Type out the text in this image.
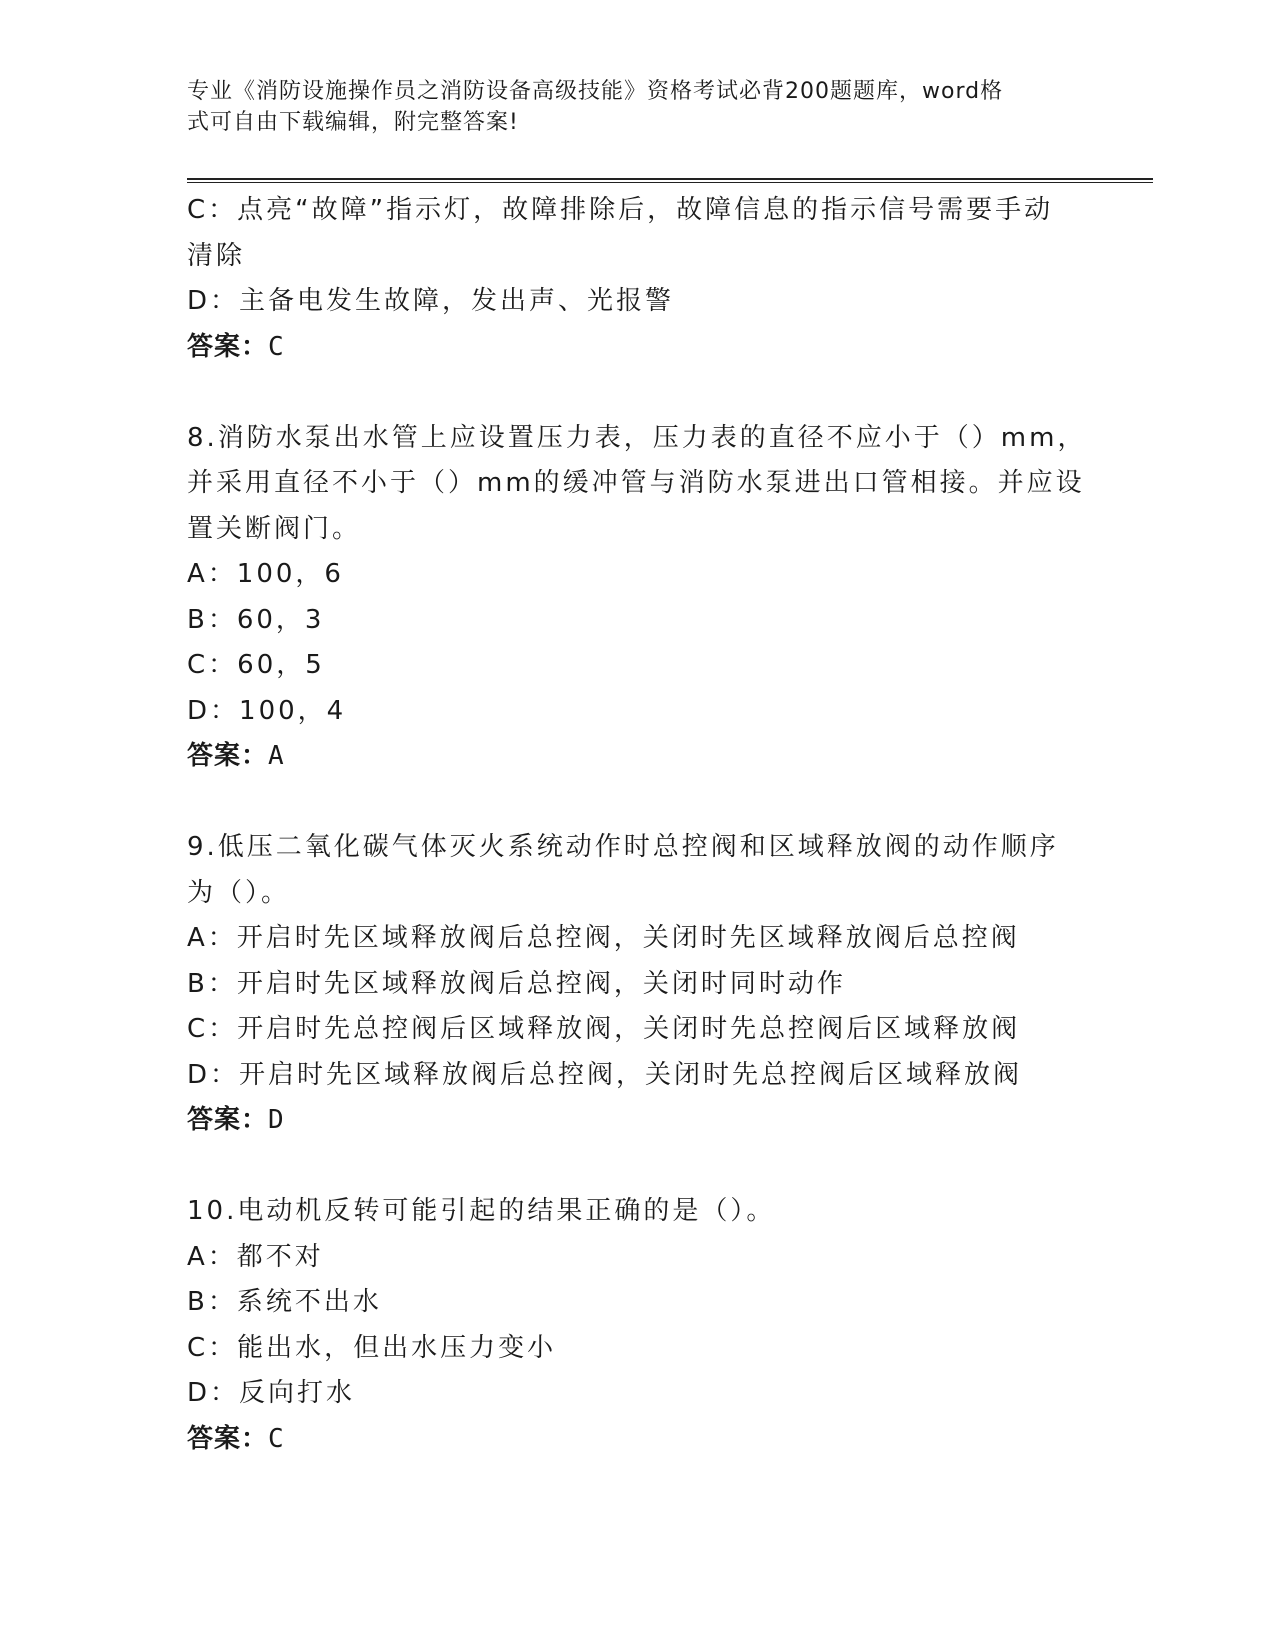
专业《消防设施操作员之消防设备高级技能》资格考试必背200题题库，word格
式可自由下载编辑，附完整答案!
C：点亮“故障”指示灯，故障排除后，故障信息的指示信号需要手动
清除
D：主备电发生故障，发出声、光报警
答案：C
8.消防水泵出水管上应设置压力表，压力表的直径不应小于（）mm，
并采用直径不小于（）mm的缓冲管与消防水泵进出口管相接。并应设
置关断阀门。
A：100，6
B：60，3
C：60，5
D：100，4
答案：A
9.低压二氧化碳气体灭火系统动作时总控阀和区域释放阀的动作顺序
为（）。
A：开启时先区域释放阀后总控阀，关闭时先区域释放阀后总控阀
B：开启时先区域释放阀后总控阀，关闭时同时动作
C：开启时先总控阀后区域释放阀，关闭时先总控阀后区域释放阀
D：开启时先区域释放阀后总控阀，关闭时先总控阀后区域释放阀
答案：D
10.电动机反转可能引起的结果正确的是（）。
A：都不对
B：系统不出水
C：能出水，但出水压力变小
D：反向打水
答案：C
